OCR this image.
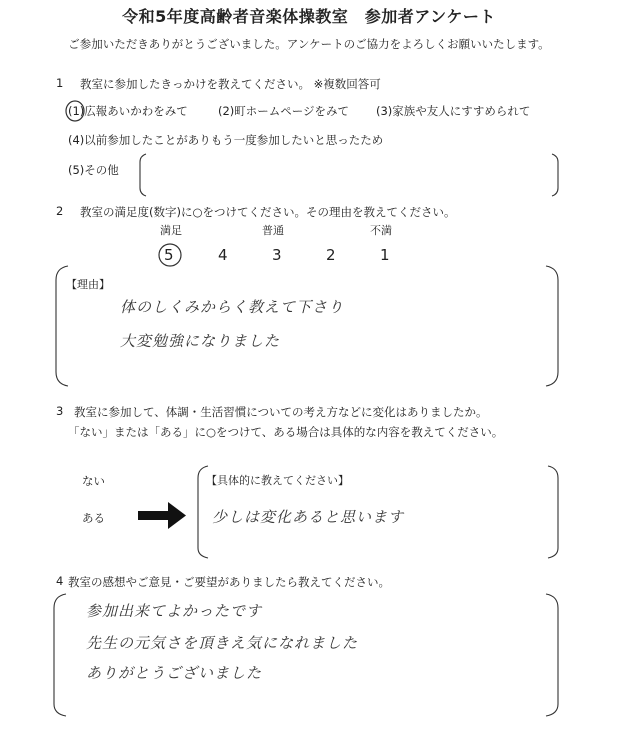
令和5年度高齢者音楽体操教室　参加者アンケート
ご参加いただきありがとうございました。アンケートのご協力をよろしくお願いいたします。
1 教室に参加したきっかけを教えてください。 ※複数回答可
(1)広報あいかわをみて	(2)町ホームページをみて (3)家族や友人にすすめられて
(4)以前参加したことがありもう一度参加したいと思ったため
(5)その他
2 教室の満足度(数字)に○をつけてください。その理由を教えてください。
満足	普通	不満
5	4	3	2	1
【理由】
体のしくみからく教えて下さり
大変勉強になりました
3 教室に参加して、体調・生活習慣についての考え方などに変化はありましたか。
「ない」または「ある」に○をつけて、ある場合は具体的な内容を教えてください。
ない
ある
【具体的に教えてください】
少しは変化あると思います
4 教室の感想やご意見・ご要望がありましたら教えてください。
参加出来てよかったです
先生の元気さを頂きえ気になれました
ありがとうございました
